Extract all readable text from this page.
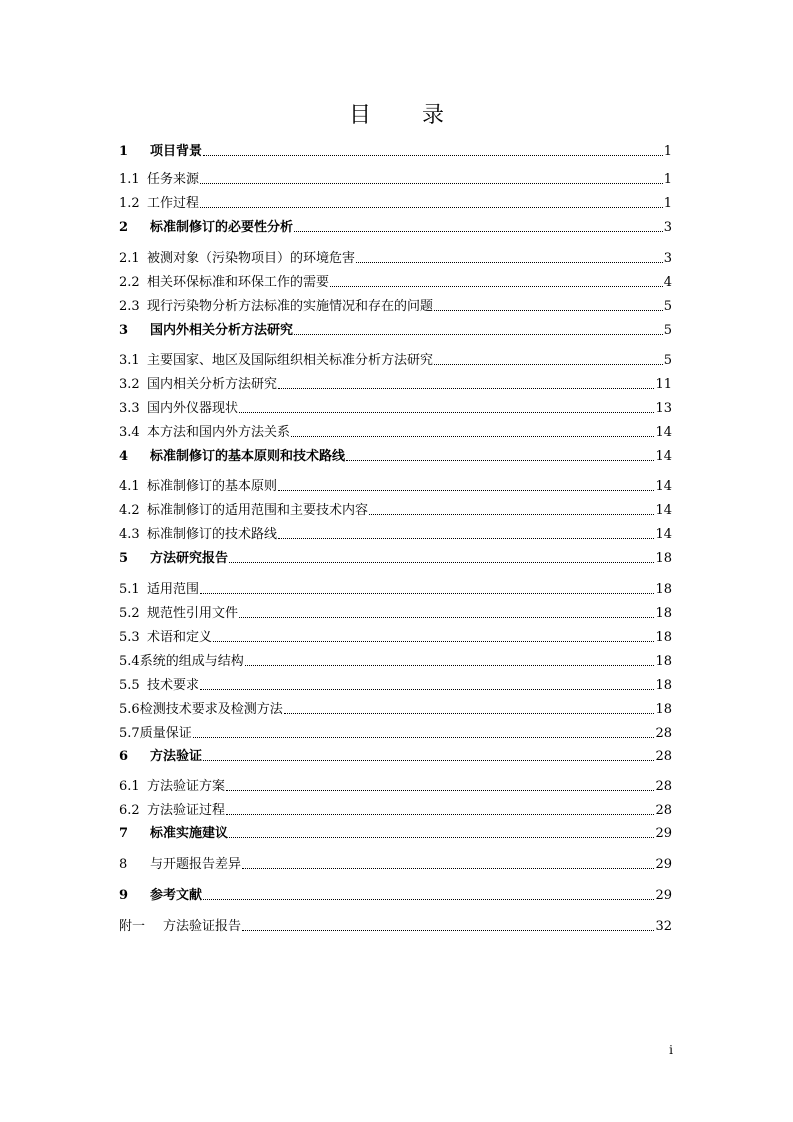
目 录
1	项目背景	1
1.1 任务来源	1
1.2 工作过程	1
2	标准制修订的必要性分析	3
2.1 被测对象（污染物项目）的环境危害	3
2.2 相关环保标准和环保工作的需要	4
2.3 现行污染物分析方法标准的实施情况和存在的问题	5
3	国内外相关分析方法研究	5
3.1 主要国家、地区及国际组织相关标准分析方法研究	5
3.2 国内相关分析方法研究	11
3.3 国内外仪器现状	13
3.4 本方法和国内外方法关系	14
4	标准制修订的基本原则和技术路线	14
4.1 标准制修订的基本原则	14
4.2 标准制修订的适用范围和主要技术内容	14
4.3 标准制修订的技术路线	14
5	方法研究报告	18
5.1 适用范围	18
5.2 规范性引用文件	18
5.3 术语和定义	18
5.4 系统的组成与结构	18
5.5 技术要求	18
5.6 检测技术要求及检测方法	18
5.7 质量保证	28
6	方法验证	28
6.1 方法验证方案	28
6.2 方法验证过程	28
7	标准实施建议	29
8	与开题报告差异	29
9	参考文献	29
附一	方法验证报告	32
i
